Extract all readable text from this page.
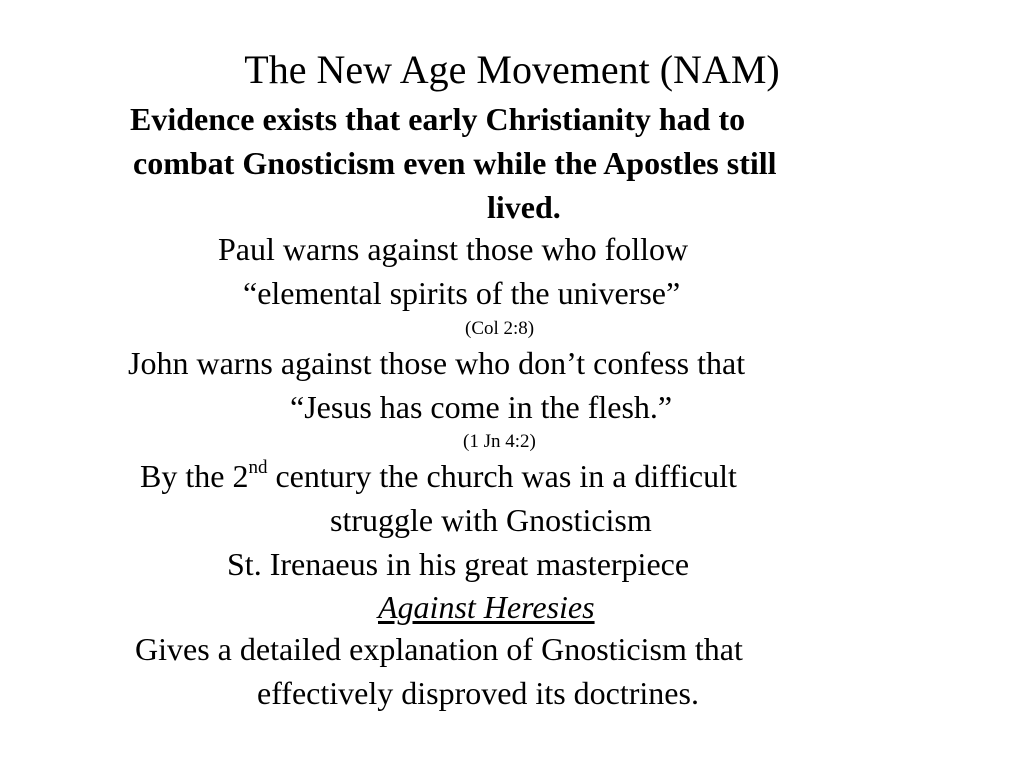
The New Age Movement (NAM)
Evidence exists that early Christianity had to
combat Gnosticism even while the Apostles still
lived.
Paul warns against those who follow
“elemental spirits of the universe”
(Col 2:8)
John warns against those who don’t confess that
“Jesus has come in the flesh.”
(1 Jn 4:2)
By the 2nd century the church was in a difficult
struggle with Gnosticism
St. Irenaeus in his great masterpiece
Against Heresies
Gives a detailed explanation of Gnosticism that
effectively disproved its doctrines.
